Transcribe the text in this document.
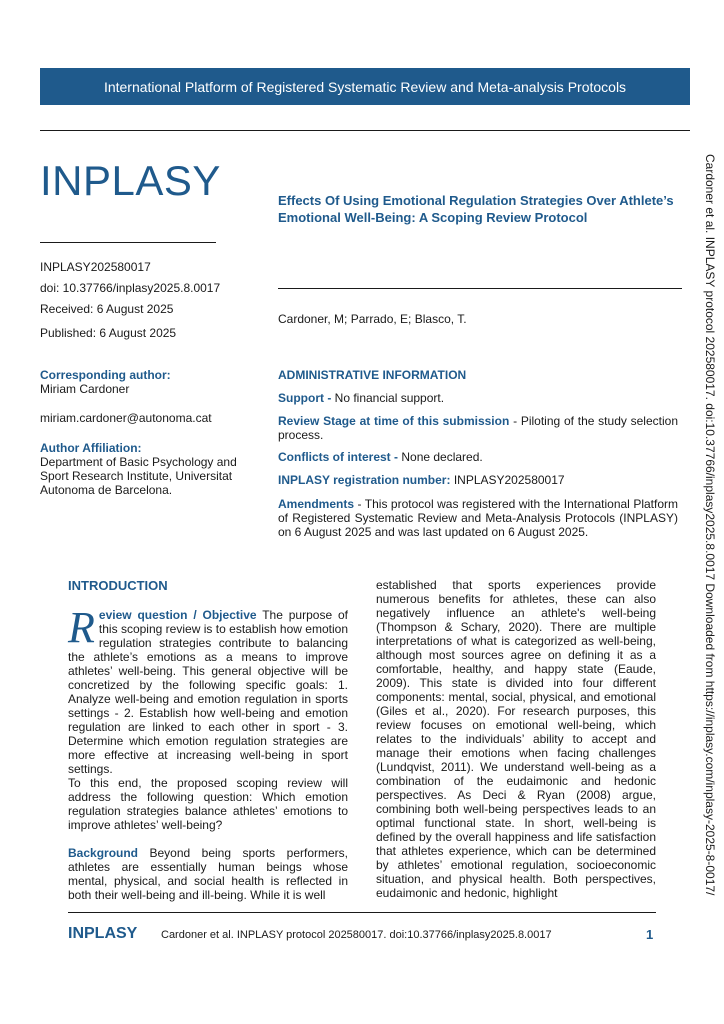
International Platform of Registered Systematic Review and Meta-analysis Protocols
INPLASY	Effects Of Using Emotional Regulation Strategies Over Athlete’s Emotional Well-Being: A Scoping Review Protocol
INPLASY202580017
doi: 10.37766/inplasy2025.8.0017
Received: 6 August 2025
Published: 6 August 2025
Cardoner, M; Parrado, E; Blasco, T.
Corresponding author:
Miriam Cardoner
miriam.cardoner@autonoma.cat
Author Affiliation:
Department of Basic Psychology and Sport Research Institute, Universitat Autonoma de Barcelona.
ADMINISTRATIVE INFORMATION
Support - No financial support.
Review Stage at time of this submission - Piloting of the study selection process.
Conflicts of interest - None declared.
INPLASY registration number: INPLASY202580017
Amendments - This protocol was registered with the International Platform of Registered Systematic Review and Meta-Analysis Protocols (INPLASY) on 6 August 2025 and was last updated on 6 August 2025.	Cardoner et al. INPLASY protocol 202580017. doi:10.37766/inplasy2025.8.0017 Downloaded from https://inplasy.com/inplasy-2025-8-0017/
INTRODUCTION

Review question / Objective The purpose of this scoping review is to establish how emotion regulation strategies contribute to balancing the athlete’s emotions as a means to improve athletes’ well-being. This general objective will be concretized by the following specific goals: 1. Analyze well-being and emotion regulation in sports settings - 2. Establish how well-being and emotion regulation are linked to each other in sport - 3. Determine which emotion regulation strategies are more effective at increasing well-being in sport settings.

To this end, the proposed scoping review will address the following question: Which emotion regulation strategies balance athletes’ emotions to improve athletes’ well-being?

Background Beyond being sports performers, athletes are essentially human beings whose mental, physical, and social health is reflected in both their well-being and ill-being. While it is well

established that sports experiences provide numerous benefits for athletes, these can also negatively influence an athlete's well-being (Thompson & Schary, 2020). There are multiple interpretations of what is categorized as well-being, although most sources agree on defining it as a comfortable, healthy, and happy state (Eaude, 2009). This state is divided into four different components: mental, social, physical, and emotional (Giles et al., 2020). For research purposes, this review focuses on emotional well-being, which relates to the individuals’ ability to accept and manage their emotions when facing challenges (Lundqvist, 2011). We understand well-being as a combination of the eudaimonic and hedonic perspectives. As Deci & Ryan (2008) argue, combining both well-being perspectives leads to an optimal functional state. In short, well-being is defined by the overall happiness and life satisfaction that athletes experience, which can be determined by athletes’ emotional regulation, socioeconomic situation, and physical health. Both perspectives, eudaimonic and hedonic, highlight

INPLASY Cardoner et al. INPLASY protocol 202580017. doi:10.37766/inplasy2025.8.0017	1
